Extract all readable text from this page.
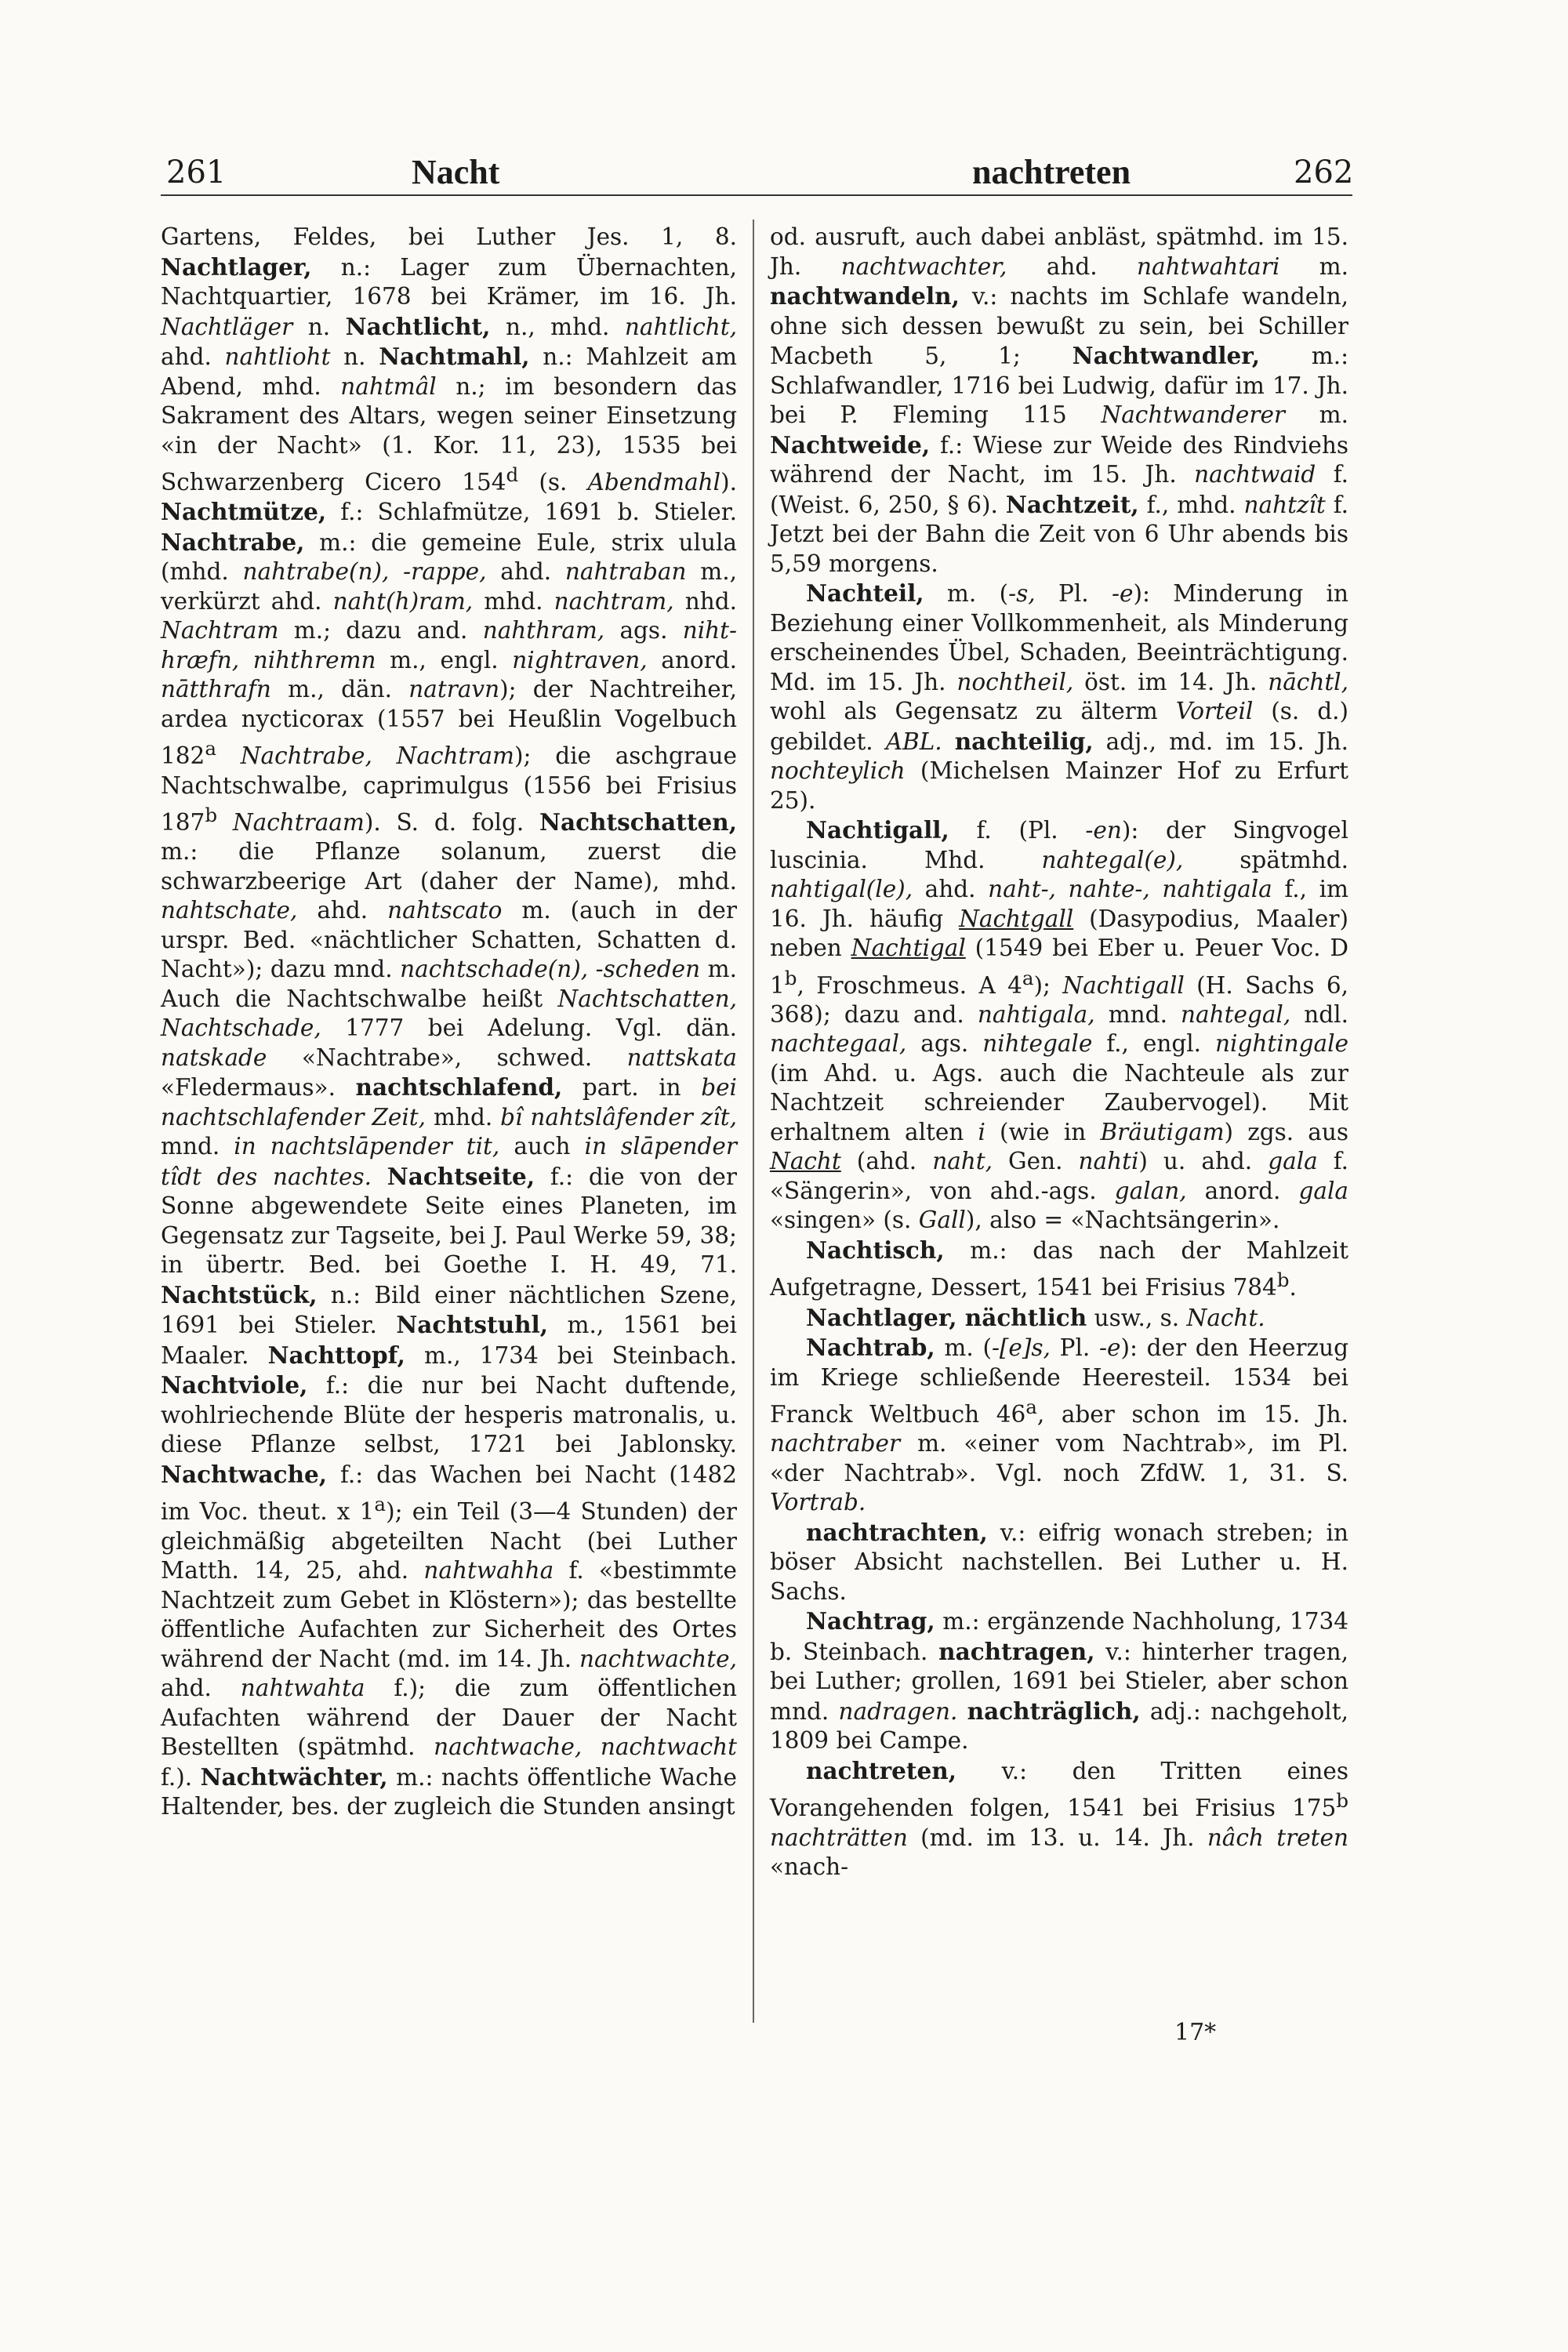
261	Nacht	nachtreten	262

Gartens, Feldes, bei Luther Jes. 1, 8. Nachtlager, n.: Lager zum Übernachten, Nachtquartier, 1678 bei Krämer, im 16. Jh. Nachtläger n. Nachtlicht, n., mhd. nahtlicht, ahd. nahtlioht n. Nachtmahl, n.: Mahlzeit am Abend, mhd. nahtmâl n.; im besondern das Sakrament des Altars, wegen seiner Einsetzung «in der Nacht» (1. Kor. 11, 23), 1535 bei Schwarzenberg Cicero 154$^d$ (s. Abendmahl). Nachtmütze, f.: Schlafmütze, 1691 b. Stieler. Nachtrabe, m.: die gemeine Eule, strix ulula (mhd. nahtrabe(n), -rappe, ahd. nahtraban m., verkürzt ahd. naht(h)ram, mhd. nachtram, nhd. Nachtram m.; dazu and. nahthram, ags. niht-hræfn, nihthremn m., engl. nightraven, anord. nātthrafn m., dän. natravn); der Nachtreiher, ardea nycticorax (1557 bei Heußlin Vogelbuch 182$^a$ Nachtrabe, Nachtram); die aschgraue Nachtschwalbe, caprimulgus (1556 bei Frisius 187$^b$ Nachtraam). S. d. folg. Nachtschatten, m.: die Pflanze solanum, zuerst die schwarzbeerige Art (daher der Name), mhd. nahtschate, ahd. nahtscato m. (auch in der urspr. Bed. «nächtlicher Schatten, Schatten d. Nacht»); dazu mnd. nachtschade(n), -scheden m. Auch die Nachtschwalbe heißt Nachtschatten, Nachtschade, 1777 bei Adelung. Vgl. dän. natskade «Nachtrabe», schwed. nattskata «Fledermaus». nachtschlafend, part. in bei nachtschlafender Zeit, mhd. bî nahtslâfender zît, mnd. in nachtslāpender tit, auch in slāpender tîdt des nachtes. Nachtseite, f.: die von der Sonne abgewendete Seite eines Planeten, im Gegensatz zur Tagseite, bei J. Paul Werke 59, 38; in übertr. Bed. bei Goethe I. H. 49, 71. Nachtstück, n.: Bild einer nächtlichen Szene, 1691 bei Stieler. Nachtstuhl, m., 1561 bei Maaler. Nachttopf, m., 1734 bei Steinbach. Nachtviole, f.: die nur bei Nacht duftende, wohlriechende Blüte der hesperis matronalis, u. diese Pflanze selbst, 1721 bei Jablonsky. Nachtwache, f.: das Wachen bei Nacht (1482 im Voc. theut. x 1$^a$); ein Teil (3—4 Stunden) der gleichmäßig abgeteilten Nacht (bei Luther Matth. 14, 25, ahd. nahtwahha f. «bestimmte Nachtzeit zum Gebet in Klöstern»); das bestellte öffentliche Aufachten zur Sicherheit des Ortes während der Nacht (md. im 14. Jh. nachtwachte, ahd. nahtwahta f.); die zum öffentlichen Aufachten während der Dauer der Nacht Bestellten (spätmhd. nachtwache, nachtwacht f.). Nachtwächter, m.: nachts öffentliche Wache Haltender, bes. der zugleich die Stunden ansingt

od. ausruft, auch dabei anbläst, spätmhd. im 15. Jh. nachtwachter, ahd. nahtwahtari m. nachtwandeln, v.: nachts im Schlafe wandeln, ohne sich dessen bewußt zu sein, bei Schiller Macbeth 5, 1; Nachtwandler, m.: Schlafwandler, 1716 bei Ludwig, dafür im 17. Jh. bei P. Fleming 115 Nachtwanderer m. Nachtweide, f.: Wiese zur Weide des Rindviehs während der Nacht, im 15. Jh. nachtwaid f. (Weist. 6, 250, § 6). Nachtzeit, f., mhd. nahtzît f. Jetzt bei der Bahn die Zeit von 6 Uhr abends bis 5,59 morgens.

Nachteil, m. (-s, Pl. -e): Minderung in Beziehung einer Vollkommenheit, als Minderung erscheinendes Übel, Schaden, Beeinträchtigung. Md. im 15. Jh. nochtheil, öst. im 14. Jh. nāchtl, wohl als Gegensatz zu älterm Vorteil (s. d.) gebildet. ABL. nachteilig, adj., md. im 15. Jh. nochteylich (Michelsen Mainzer Hof zu Erfurt 25).

Nachtigall, f. (Pl. -en): der Singvogel luscinia. Mhd. nahtegal(e), spätmhd. nahtigal(le), ahd. naht-, nahte-, nahtigala f., im 16. Jh. häufig Nachtgall (Dasypodius, Maaler) neben Nachtigal (1549 bei Eber u. Peuer Voc. D 1$^b$, Froschmeus. A 4$^a$); Nachtigall (H. Sachs 6, 368); dazu and. nahtigala, mnd. nahtegal, ndl. nachtegaal, ags. nihtegale f., engl. nightingale (im Ahd. u. Ags. auch die Nachteule als zur Nachtzeit schreiender Zaubervogel). Mit erhaltnem alten i (wie in Bräutigam) zgs. aus Nacht (ahd. naht, Gen. nahti) u. ahd. gala f. «Sängerin», von ahd.-ags. galan, anord. gala «singen» (s. Gall), also = «Nachtsängerin».

Nachtisch, m.: das nach der Mahlzeit Aufgetragne, Dessert, 1541 bei Frisius 784$^b$.

Nachtlager, nächtlich usw., s. Nacht.

Nachtrab, m. (-[e]s, Pl. -e): der den Heerzug im Kriege schließende Heeresteil. 1534 bei Franck Weltbuch 46$^a$, aber schon im 15. Jh. nachtraber m. «einer vom Nachtrab», im Pl. «der Nachtrab». Vgl. noch ZfdW. 1, 31. S. Vortrab.

nachtrachten, v.: eifrig wonach streben; in böser Absicht nachstellen. Bei Luther u. H. Sachs.

Nachtrag, m.: ergänzende Nachholung, 1734 b. Steinbach. nachtragen, v.: hinterher tragen, bei Luther; grollen, 1691 bei Stieler, aber schon mnd. nadragen. nachträglich, adj.: nachgeholt, 1809 bei Campe.

nachtreten, v.: den Tritten eines Vorangehenden folgen, 1541 bei Frisius 175$^b$ nachträtten (md. im 13. u. 14. Jh. nâch treten «nach-

17*
